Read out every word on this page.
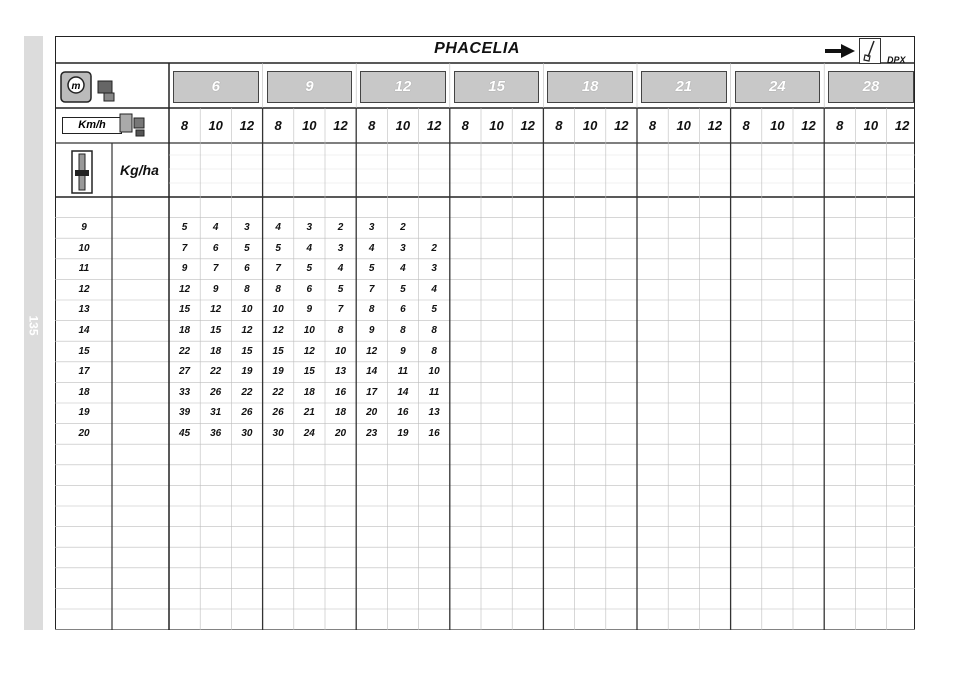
135
PHACELIA
DPX
m
Km/h
Kg/ha
6	9	12	15	18	21	24	28
8	10	12	8	10	12	8	10	12	8	10	12	8	10	12	8	10	12	8	10	12	8	10	12
9	5	4	3	4	3	2	3	2
10	7	6	5	5	4	3	4	3	2
11	9	7	6	7	5	4	5	4	3
12	12	9	8	8	6	5	7	5	4
13	15	12	10	10	9	7	8	6	5
14	18	15	12	12	10	8	9	8	8
15	22	18	15	15	12	10	12	9	8
17	27	22	19	19	15	13	14	11	10
18	33	26	22	22	18	16	17	14	11
19	39	31	26	26	21	18	20	16	13
20	45	36	30	30	24	20	23	19	16
